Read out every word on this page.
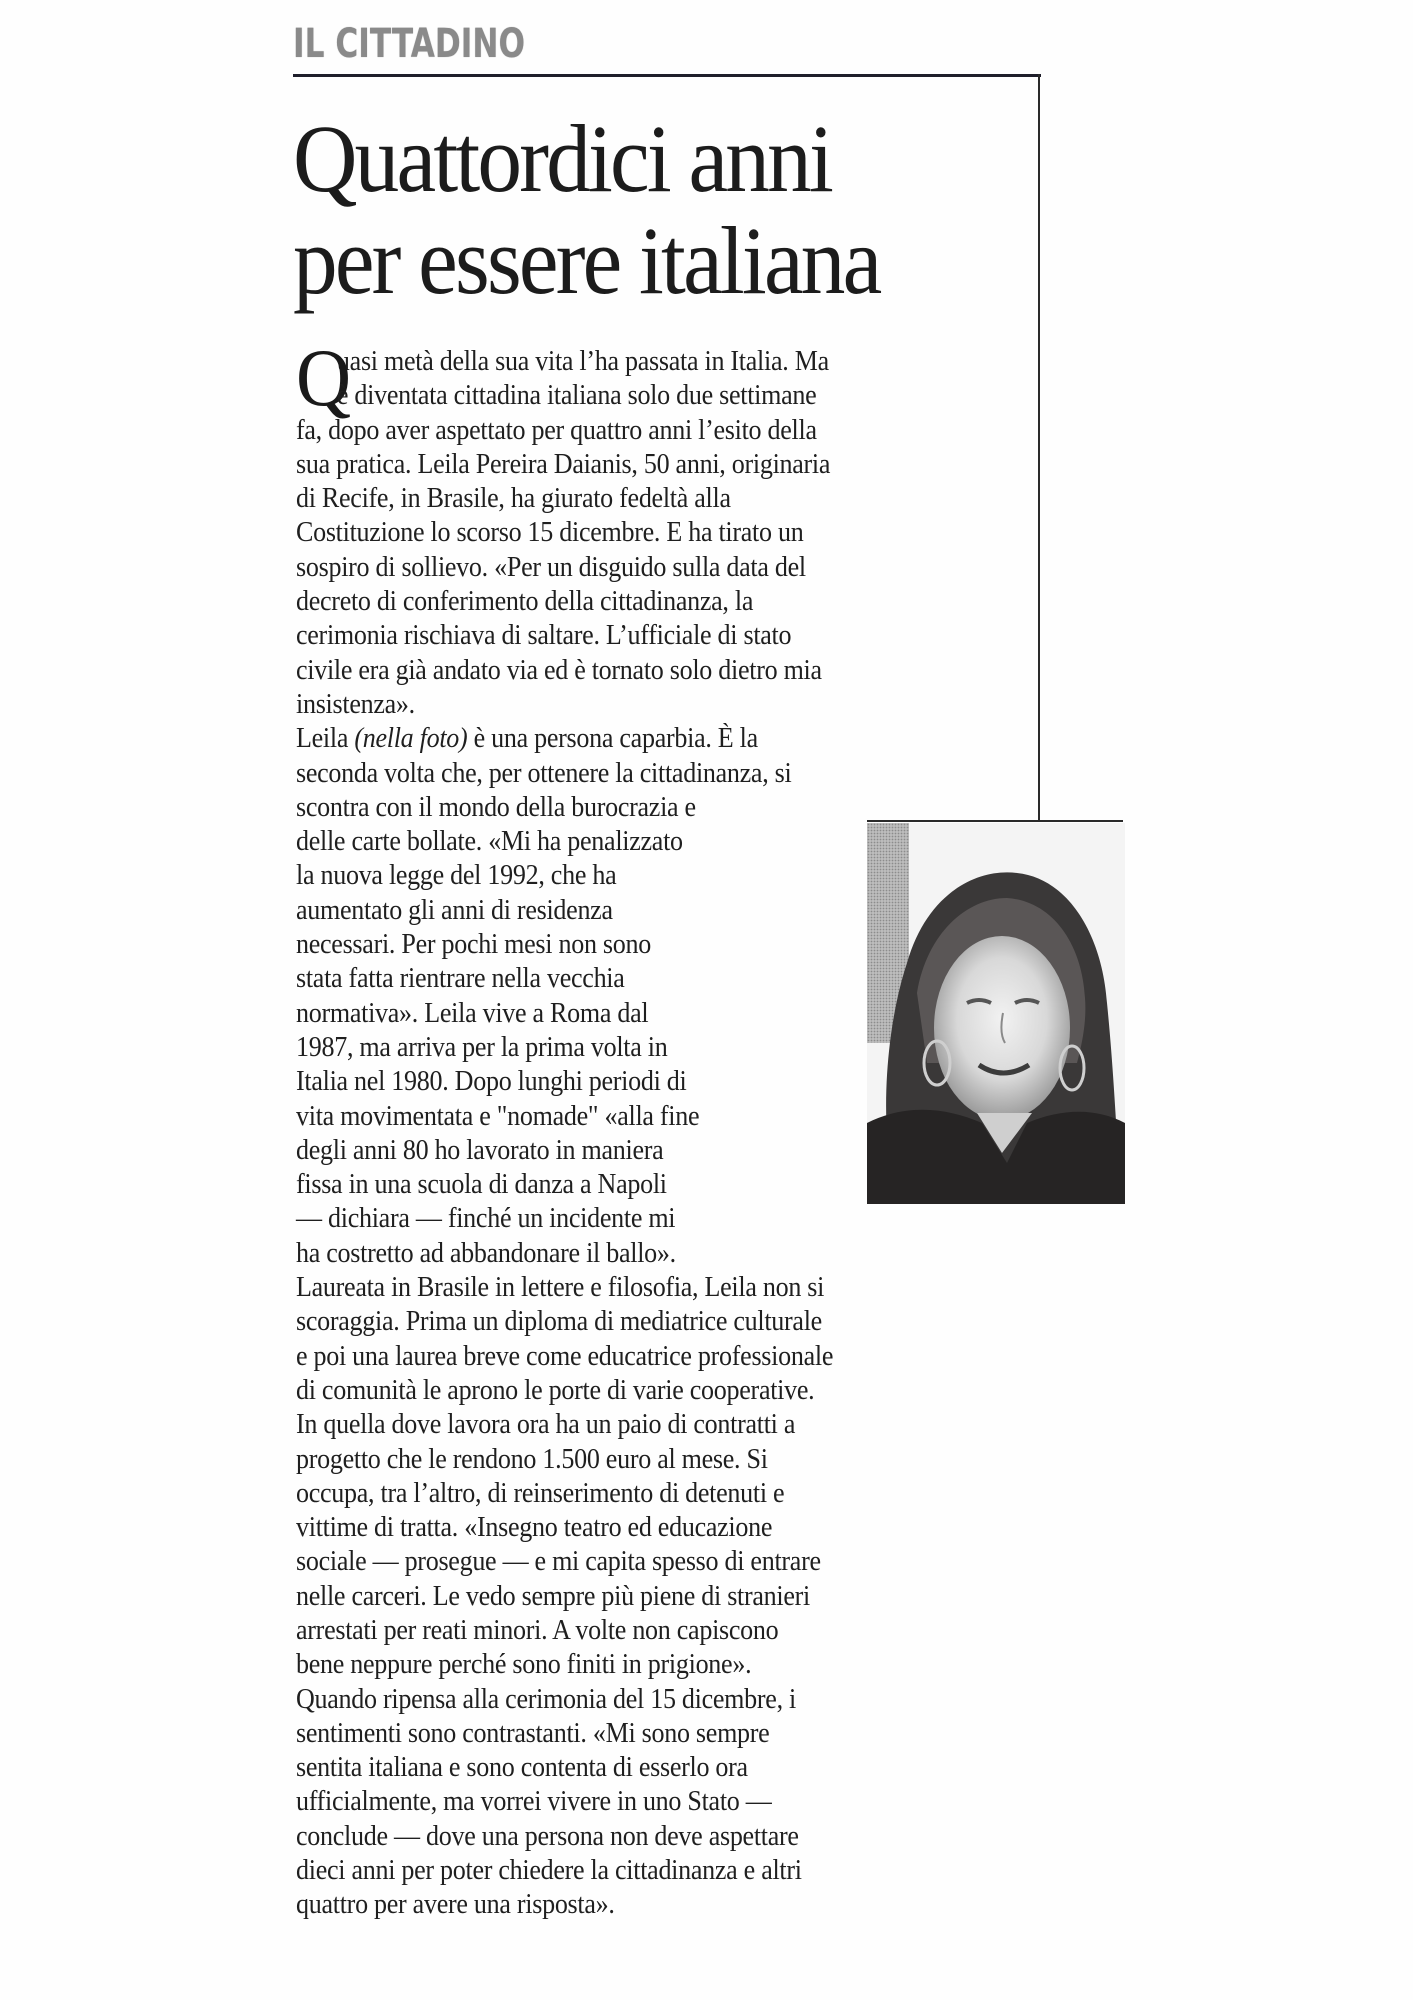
IL CITTADINO
Quattordici anni
per essere italiana
Q
uasi metà della sua vita l’ha passata in Italia. Ma
è diventata cittadina italiana solo due settimane
fa, dopo aver aspettato per quattro anni l’esito della
sua pratica. Leila Pereira Daianis, 50 anni, originaria
di Recife, in Brasile, ha giurato fedeltà alla
Costituzione lo scorso 15 dicembre. E ha tirato un
sospiro di sollievo. «Per un disguido sulla data del
decreto di conferimento della cittadinanza, la
cerimonia rischiava di saltare. L’ufficiale di stato
civile era già andato via ed è tornato solo dietro mia
insistenza».
Leila (nella foto) è una persona caparbia. È la
seconda volta che, per ottenere la cittadinanza, si
scontra con il mondo della burocrazia e
delle carte bollate. «Mi ha penalizzato
la nuova legge del 1992, che ha
aumentato gli anni di residenza
necessari. Per pochi mesi non sono
stata fatta rientrare nella vecchia
normativa». Leila vive a Roma dal
1987, ma arriva per la prima volta in
Italia nel 1980. Dopo lunghi periodi di
vita movimentata e "nomade" «alla fine
degli anni 80 ho lavorato in maniera
fissa in una scuola di danza a Napoli
— dichiara — finché un incidente mi
ha costretto ad abbandonare il ballo».
Laureata in Brasile in lettere e filosofia, Leila non si
scoraggia. Prima un diploma di mediatrice culturale
e poi una laurea breve come educatrice professionale
di comunità le aprono le porte di varie cooperative.
In quella dove lavora ora ha un paio di contratti a
progetto che le rendono 1.500 euro al mese. Si
occupa, tra l’altro, di reinserimento di detenuti e
vittime di tratta. «Insegno teatro ed educazione
sociale — prosegue — e mi capita spesso di entrare
nelle carceri. Le vedo sempre più piene di stranieri
arrestati per reati minori. A volte non capiscono
bene neppure perché sono finiti in prigione».
Quando ripensa alla cerimonia del 15 dicembre, i
sentimenti sono contrastanti. «Mi sono sempre
sentita italiana e sono contenta di esserlo ora
ufficialmente, ma vorrei vivere in uno Stato —
conclude — dove una persona non deve aspettare
dieci anni per poter chiedere la cittadinanza e altri
quattro per avere una risposta».
